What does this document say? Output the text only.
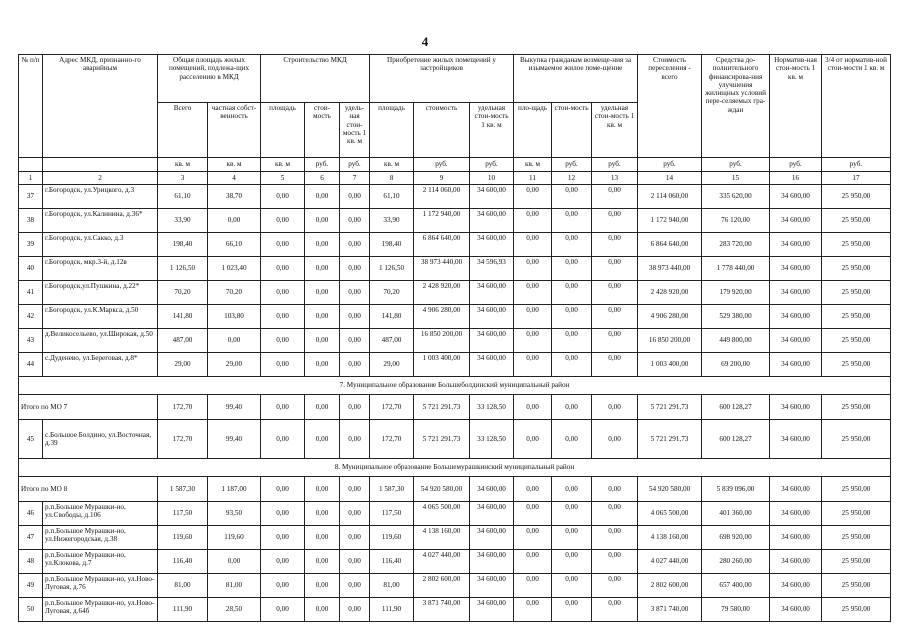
4
№ п/п	Адрес МКД, признанно-го аварийным	Общая площадь жилых помещений, подлежа-щих расселению в МКД		Строительство МКД			Приобретение жилых помещений у застройщиков			Выкупка гражданам возмеще-ния за изымаемое жилое поме-щение			Стоимость переселения - всего	Средства до-полнительного финансирова-ния улучшения жилищных условий пере-селяемых гра-ждан	Норматив-ная стои-мость 1 кв. м	3/4 от норматив-ной стои-мости 1 кв. м
		Всего	частная собст-венность	площадь	стои-мость	удель-ная стои-мость 1 кв. м	площадь	стоимость	удельная стои-мость 1 кв. м	пло-щадь	стои-мость	удельная стои-мость 1 кв. м				
		кв. м	кв. м	кв. м	руб.	руб.	кв. м	руб.	руб.	кв. м	руб.	руб.	руб.	руб.	руб.	руб.
1	2	3	4	5	6	7	8	9	10	11	12	13	14	15	16	17
37	г.Богородск, ул.Урицкого, д.3	61,10	38,70	0,00	0,00	0,00	61,10	2 114 060,00	34 600,00	0,00	0,00	0,00	2 114 060,00	335 620,00	34 600,00	25 950,00
38	г.Богородск, ул.Калинина, д.36*	33,90	0,00	0,00	0,00	0,00	33,90	1 172 940,00	34 600,00	0,00	0,00	0,00	1 172 940,00	76 120,00	34 600,00	25 950,00
39	г.Богородск, ул.Сакко, д.3	198,40	66,10	0,00	0,00	0,00	198,40	6 864 640,00	34 600,00	0,00	0,00	0,00	6 864 640,00	283 720,00	34 600,00	25 950,00
40	г.Богородск, мкр.3-й, д.12в	1 126,50	1 023,40	0,00	0,00	0,00	1 126,50	38 973 440,00	34 596,93	0,00	0,00	0,00	38 973 440,00	1 778 440,00	34 600,00	25 950,00
41	г.Богородск,ул.Пушкина, д.22*	70,20	70,20	0,00	0,00	0,00	70,20	2 428 920,00	34 600,00	0,00	0,00	0,00	2 428 920,00	179 920,00	34 600,00	25 950,00
42	г.Богородск, ул.К.Маркса, д.50	141,80	103,80	0,00	0,00	0,00	141,80	4 906 280,00	34 600,00	0,00	0,00	0,00	4 906 280,00	529 380,00	34 600,00	25 950,00
43	д.Великосельево, ул.Широкая, д.50	487,00	0,00	0,00	0,00	0,00	487,00	16 850 200,00	34 600,00	0,00	0,00	0,00	16 850 200,00	449 800,00	34 600,00	25 950,00
44	с.Дуденево, ул.Береговая, д.8*	29,00	29,00	0,00	0,00	0,00	29,00	1 003 400,00	34 600,00	0,00	0,00	0,00	1 003 400,00	69 200,00	34 600,00	25 950,00
7. Муниципальное образование Большеболдинский муниципальный район																
Итого по МО 7		172,70	99,40	0,00	0,00	0,00	172,70	5 721 291,73	33 128,50	0,00	0,00	0,00	5 721 291,73	600 128,27	34 600,00	25 950,00
45	с.Большое Болдино, ул.Восточная, д.39	172,70	99,40	0,00	0,00	0,00	172,70	5 721 291,73	33 128,50	0,00	0,00	0,00	5 721 291,73	600 128,27	34 600,00	25 950,00
8. Муниципальное образование Большемурашкинский муниципальный район																
Итого по МО 8		1 587,30	1 187,00	0,00	0,00	0,00	1 587,30	54 920 580,00	34 600,00	0,00	0,00	0,00	54 920 580,00	5 839 096,00	34 600,00	25 950,00
46	р.п.Большое Мурашки-но, ул.Свободы, д.106	117,50	93,50	0,00	0,00	0,00	117,50	4 065 500,00	34 600,00	0,00	0,00	0,00	4 065 500,00	401 360,00	34 600,00	25 950,00
47	р.п.Большое Мурашки-но, ул.Нижегородская, д.38	119,60	119,60	0,00	0,00	0,00	119,60	4 138 160,00	34 600,00	0,00	0,00	0,00	4 138 160,00	698 920,00	34 600,00	25 950,00
48	р.п.Большое Мурашки-но, ул.Клокова, д.7	116,40	0,00	0,00	0,00	0,00	116,40	4 027 440,00	34 600,00	0,00	0,00	0,00	4 027 440,00	280 260,00	34 600,00	25 950,00
49	р.п.Большое Мурашки-но, ул.Ново-Луговая, д.76	81,00	81,00	0,00	0,00	0,00	81,00	2 802 600,00	34 600,00	0,00	0,00	0,00	2 802 600,00	657 400,00	34 600,00	25 950,00
50	р.п.Большое Мурашки-но, ул.Ново-Луговая, д.64б	111,90	28,50	0,00	0,00	0,00	111,90	3 871 740,00	34 600,00	0,00	0,00	0,00	3 871 740,00	79 580,00	34 600,00	25 950,00
